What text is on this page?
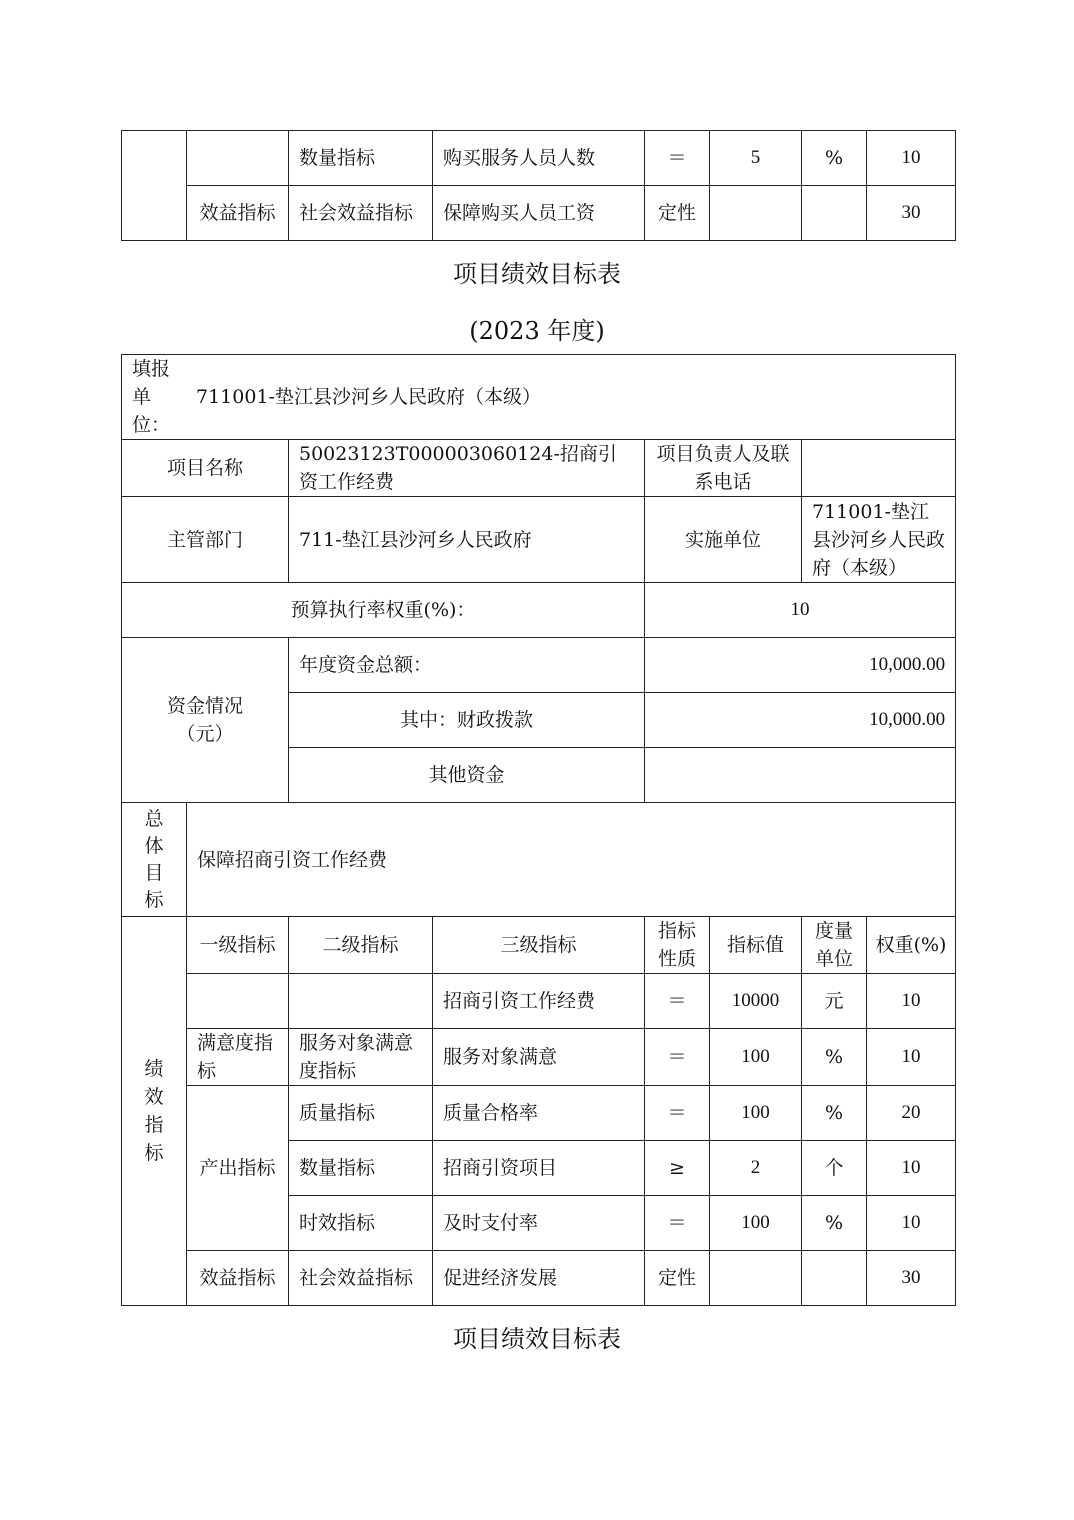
		数量指标	购买服务人员人数	＝	5	%	10
	效益指标	社会效益指标	保障购买人员工资	定性			30
项目绩效目标表
(2023 年度)
填报
单
位：
711001-垫江县沙河乡人民政府（本级）							

项目名称		50023123T000003060124-招商引资工作经费		项目负责人及联系电话			
主管部门		711-垫江县沙河乡人民政府		实施单位		711001-垫江县沙河乡人民政府（本级）	
预算执行率权重(%)：				10			

资金情况（元）		年度资金总额：		10,000.00			
		其中：财政拨款		10,000.00			
		其他资金					

总体目标	保障招商引资工作经费						

绩效指标	一级指标	二级指标	三级指标	指标性质	指标值	度量单位	权重(%)
			招商引资工作经费	＝	10000	元	10
	满意度指标	服务对象满意度指标	服务对象满意	＝	100	%	10
	产出指标	质量指标	质量合格率	＝	100	%	20
		数量指标	招商引资项目	≥	2	个	10
		时效指标	及时支付率	＝	100	%	10
	效益指标	社会效益指标	促进经济发展	定性			30
项目绩效目标表
